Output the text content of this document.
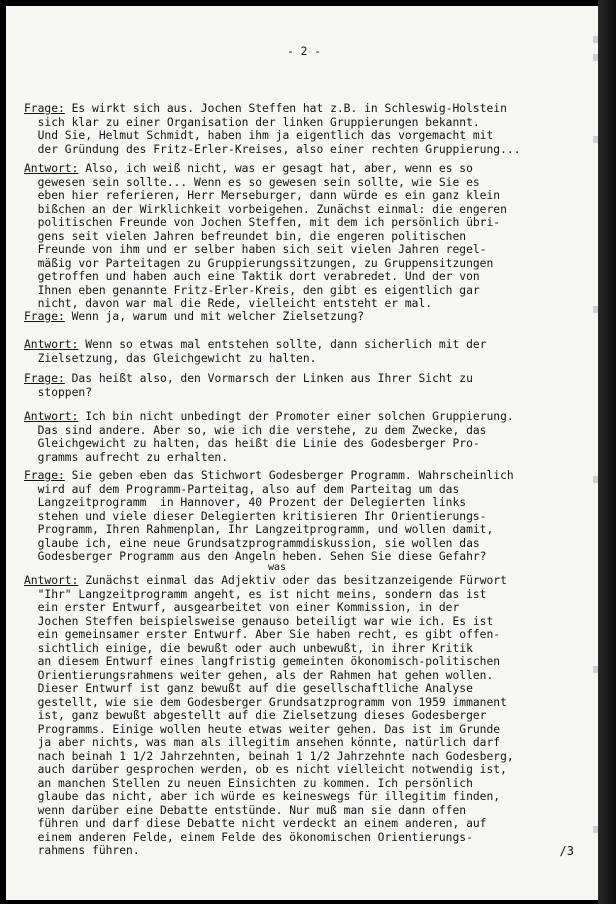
- 2 -
Frage: Es wirkt sich aus. Jochen Steffen hat z.B. in Schleswig-Holstein
sich klar zu einer Organisation der linken Gruppierungen bekannt.
Und Sie, Helmut Schmidt, haben ihm ja eigentlich das vorgemacht mit
der Gründung des Fritz-Erler-Kreises, also einer rechten Gruppierung...
Antwort: Also, ich weiß nicht, was er gesagt hat, aber, wenn es so
gewesen sein sollte... Wenn es so gewesen sein sollte, wie Sie es
eben hier referieren, Herr Merseburger, dann würde es ein ganz klein
bißchen an der Wirklichkeit vorbeigehen. Zunächst einmal: die engeren
politischen Freunde von Jochen Steffen, mit dem ich persönlich übri-
gens seit vielen Jahren befreundet bin, die engeren politischen
Freunde von ihm und er selber haben sich seit vielen Jahren regel-
mäßig vor Parteitagen zu Gruppierungssitzungen, zu Gruppensitzungen
getroffen und haben auch eine Taktik dort verabredet. Und der von
Ihnen eben genannte Fritz-Erler-Kreis, den gibt es eigentlich gar
nicht, davon war mal die Rede, vielleicht entsteht er mal.
Frage: Wenn ja, warum und mit welcher Zielsetzung?
Antwort: Wenn so etwas mal entstehen sollte, dann sicherlich mit der
Zielsetzung, das Gleichgewicht zu halten.
Frage: Das heißt also, den Vormarsch der Linken aus Ihrer Sicht zu
stoppen?
Antwort: Ich bin nicht unbedingt der Promoter einer solchen Gruppierung.
Das sind andere. Aber so, wie ich die verstehe, zu dem Zwecke, das
Gleichgewicht zu halten, das heißt die Linie des Godesberger Pro-
gramms aufrecht zu erhalten.
Frage: Sie geben eben das Stichwort Godesberger Programm. Wahrscheinlich
wird auf dem Programm-Parteitag, also auf dem Parteitag um das
Langzeitprogramm  in Hannover, 40 Prozent der Delegierten links
stehen und viele dieser Delegierten kritisieren Ihr Orientierungs-
Programm, Ihren Rahmenplan, Ihr Langzeitprogramm, und wollen damit,
glaube ich, eine neue Grundsatzprogrammdiskussion, sie wollen das
Godesberger Programm aus den Angeln heben. Sehen Sie diese Gefahr?
Antwort: Zunächst einmal das Adjektiv oder das besitzanzeigende Fürwort
"Ihr" Langzeitprogramm angeht, es ist nicht meins, sondern das ist
ein erster Entwurf, ausgearbeitet von einer Kommission, in der
Jochen Steffen beispielsweise genauso beteiligt war wie ich. Es ist
ein gemeinsamer erster Entwurf. Aber Sie haben recht, es gibt offen-
sichtlich einige, die bewußt oder auch unbewußt, in ihrer Kritik
an diesem Entwurf eines langfristig gemeinten ökonomisch-politischen
Orientierungsrahmens weiter gehen, als der Rahmen hat gehen wollen.
Dieser Entwurf ist ganz bewußt auf die gesellschaftliche Analyse
gestellt, wie sie dem Godesberger Grundsatzprogramm von 1959 immanent
ist, ganz bewußt abgestellt auf die Zielsetzung dieses Godesberger
Programms. Einige wollen heute etwas weiter gehen. Das ist im Grunde
ja aber nichts, was man als illegitim ansehen könnte, natürlich darf
nach beinah 1 1/2 Jahrzehnten, beinah 1 1/2 Jahrzehnte nach Godesberg,
auch darüber gesprochen werden, ob es nicht vielleicht notwendig ist,
an manchen Stellen zu neuen Einsichten zu kommen. Ich persönlich
glaube das nicht, aber ich würde es keineswegs für illegitim finden,
wenn darüber eine Debatte entstünde. Nur muß man sie dann offen
führen und darf diese Debatte nicht verdeckt an einem anderen, auf
einem anderen Felde, einem Felde des ökonomischen Orientierungs-
rahmens führen.
was
/3
